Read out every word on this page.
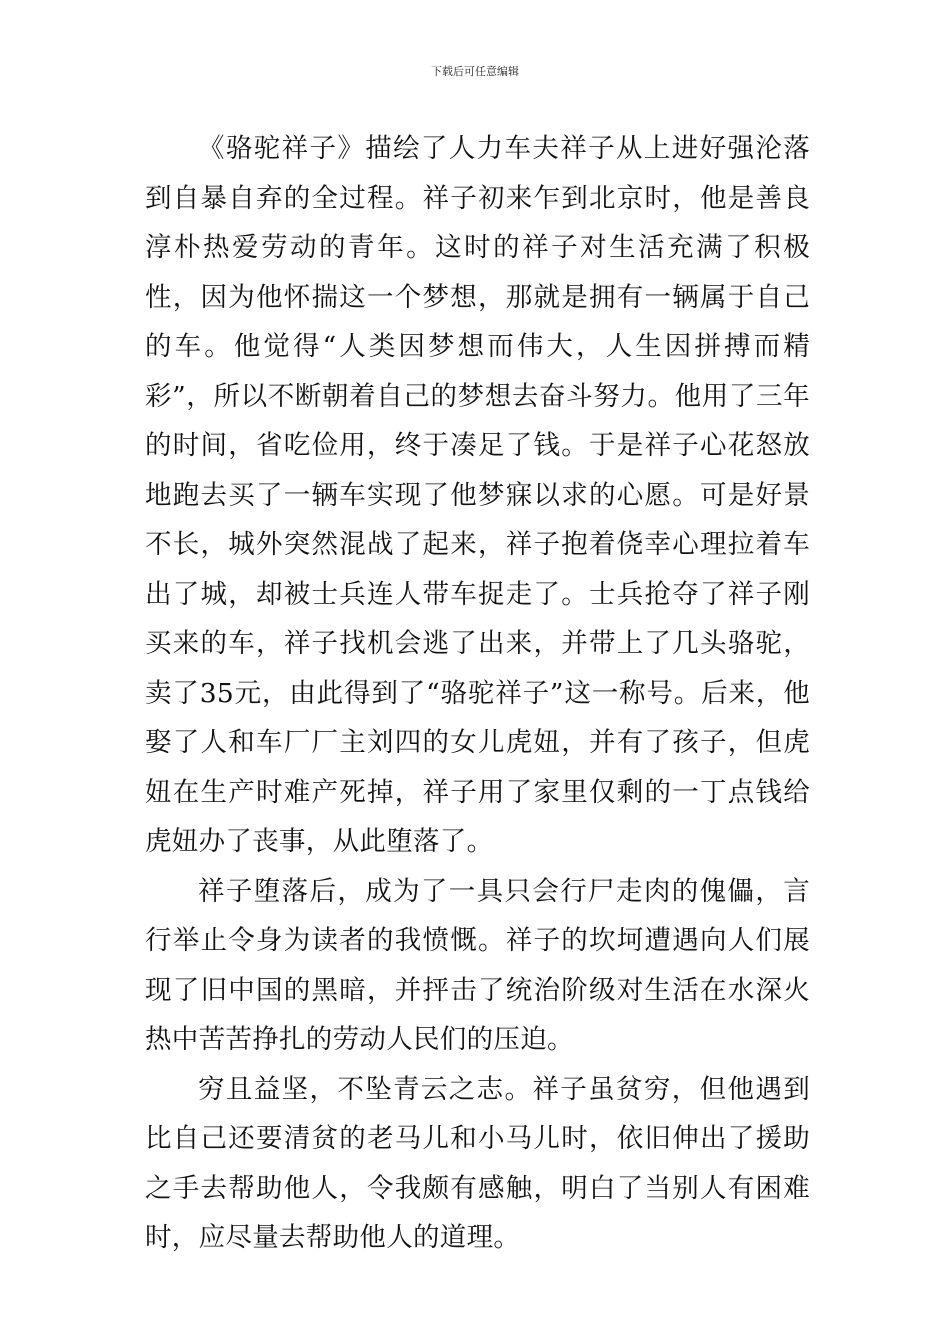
下载后可任意编辑

《骆驼祥子》描绘了人力车夫祥子从上进好强沦落到自暴自弃的全过程。祥子初来乍到北京时，他是善良淳朴热爱劳动的青年。这时的祥子对生活充满了积极性，因为他怀揣这一个梦想，那就是拥有一辆属于自己的车。他觉得“人类因梦想而伟大，人生因拼搏而精彩”，所以不断朝着自己的梦想去奋斗努力。他用了三年的时间，省吃俭用，终于凑足了钱。于是祥子心花怒放地跑去买了一辆车实现了他梦寐以求的心愿。可是好景不长，城外突然混战了起来，祥子抱着侥幸心理拉着车出了城，却被士兵连人带车捉走了。士兵抢夺了祥子刚买来的车，祥子找机会逃了出来，并带上了几头骆驼，卖了35元，由此得到了“骆驼祥子”这一称号。后来，他娶了人和车厂厂主刘四的女儿虎妞，并有了孩子，但虎妞在生产时难产死掉，祥子用了家里仅剩的一丁点钱给虎妞办了丧事，从此堕落了。

祥子堕落后，成为了一具只会行尸走肉的傀儡，言行举止令身为读者的我愤慨。祥子的坎坷遭遇向人们展现了旧中国的黑暗，并抨击了统治阶级对生活在水深火热中苦苦挣扎的劳动人民们的压迫。

穷且益坚，不坠青云之志。祥子虽贫穷，但他遇到比自己还要清贫的老马儿和小马儿时，依旧伸出了援助之手去帮助他人，令我颇有感触，明白了当别人有困难时，应尽量去帮助他人的道理。
